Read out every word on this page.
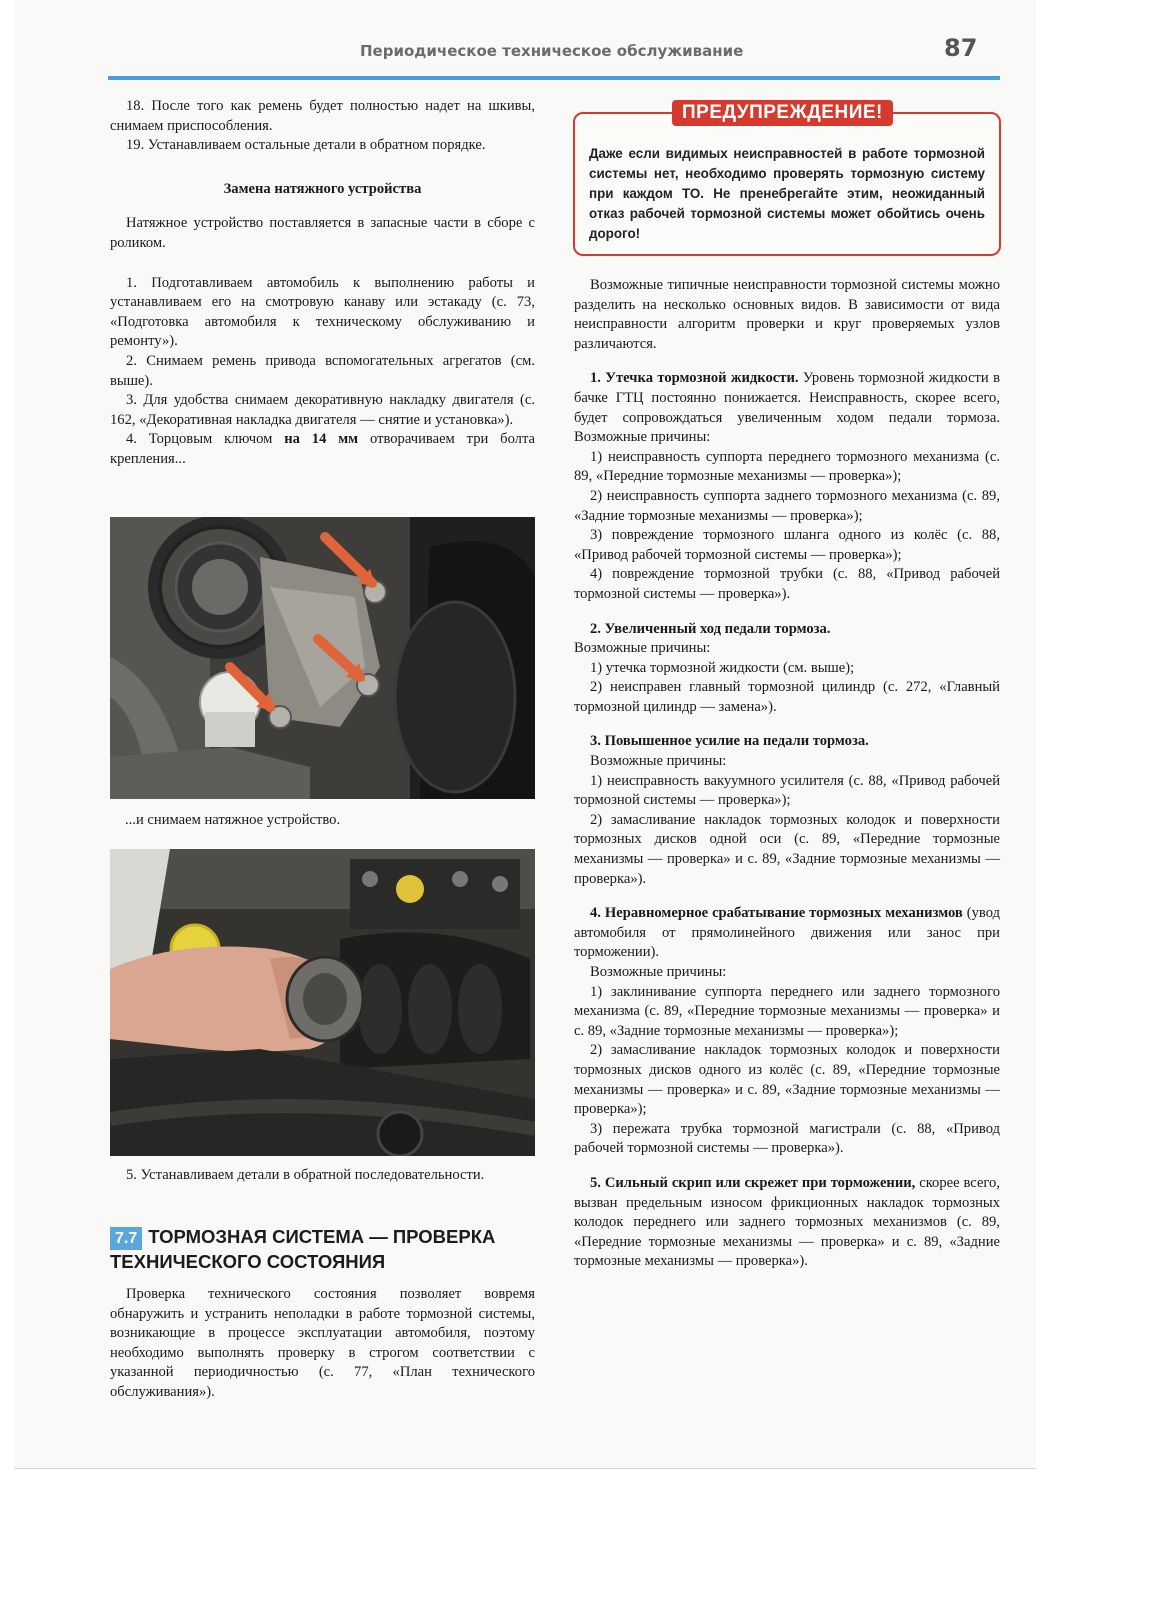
Периодическое техническое обслуживание	87

18. После того как ремень будет полностью надет на шкивы, снимаем приспособления.

19. Устанавливаем остальные детали в обратном порядке.

Замена натяжного устройства

Натяжное устройство поставляется в запасные части в сборе с роликом.

1. Подготавливаем автомобиль к выполнению работы и устанавливаем его на смотровую канаву или эстакаду (с. 73, «Подготовка автомобиля к техническому обслуживанию и ремонту»).

2. Снимаем ремень привода вспомогательных агрегатов (см. выше).

3. Для удобства снимаем декоративную накладку двигателя (с. 162, «Декоративная накладка двигателя — снятие и установка»).

4. Торцовым ключом на 14 мм отворачиваем три болта крепления...

...и снимаем натяжное устройство.

5. Устанавливаем детали в обратной последовательности.

7.7 ТОРМОЗНАЯ СИСТЕМА — ПРОВЕРКА ТЕХНИЧЕСКОГО СОСТОЯНИЯ

Проверка технического состояния позволяет вовремя обнаружить и устранить неполадки в работе тормозной системы, возникающие в процессе эксплуатации автомобиля, поэтому необходимо выполнять проверку в строгом соответствии с указанной периодичностью (с. 77, «План технического обслуживания»).

ПРЕДУПРЕЖДЕНИЕ!
Даже если видимых неисправностей в работе тормозной системы нет, необходимо проверять тормозную систему при каждом ТО. Не пренебрегайте этим, неожиданный отказ рабочей тормозной системы может обойтись очень дорого!

Возможные типичные неисправности тормозной системы можно разделить на несколько основных видов. В зависимости от вида неисправности алгоритм проверки и круг проверяемых узлов различаются.

1. Утечка тормозной жидкости. Уровень тормозной жидкости в бачке ГТЦ постоянно понижается. Неисправность, скорее всего, будет сопровождаться увеличенным ходом педали тормоза. Возможные причины:

1) неисправность суппорта переднего тормозного механизма (с. 89, «Передние тормозные механизмы — проверка»);

2) неисправность суппорта заднего тормозного механизма (с. 89, «Задние тормозные механизмы — проверка»);

3) повреждение тормозного шланга одного из колёс (с. 88, «Привод рабочей тормозной системы — проверка»);

4) повреждение тормозной трубки (с. 88, «Привод рабочей тормозной системы — проверка»).

2. Увеличенный ход педали тормоза.

Возможные причины:

1) утечка тормозной жидкости (см. выше);

2) неисправен главный тормозной цилиндр (с. 272, «Главный тормозной цилиндр — замена»).

3. Повышенное усилие на педали тормоза.

Возможные причины:

1) неисправность вакуумного усилителя (с. 88, «Привод рабочей тормозной системы — проверка»);

2) замасливание накладок тормозных колодок и поверхности тормозных дисков одной оси (с. 89, «Передние тормозные механизмы — проверка» и с. 89, «Задние тормозные механизмы — проверка»).

4. Неравномерное срабатывание тормозных механизмов (увод автомобиля от прямолинейного движения или занос при торможении).

Возможные причины:

1) заклинивание суппорта переднего или заднего тормозного механизма (с. 89, «Передние тормозные механизмы — проверка» и с. 89, «Задние тормозные механизмы — проверка»);

2) замасливание накладок тормозных колодок и поверхности тормозных дисков одного из колёс (с. 89, «Передние тормозные механизмы — проверка» и с. 89, «Задние тормозные механизмы — проверка»);

3) пережата трубка тормозной магистрали (с. 88, «Привод рабочей тормозной системы — проверка»).

5. Сильный скрип или скрежет при торможении, скорее всего, вызван предельным износом фрикционных накладок тормозных колодок переднего или заднего тормозных механизмов (с. 89, «Передние тормозные механизмы — проверка» и с. 89, «Задние тормозные механизмы — проверка»).
